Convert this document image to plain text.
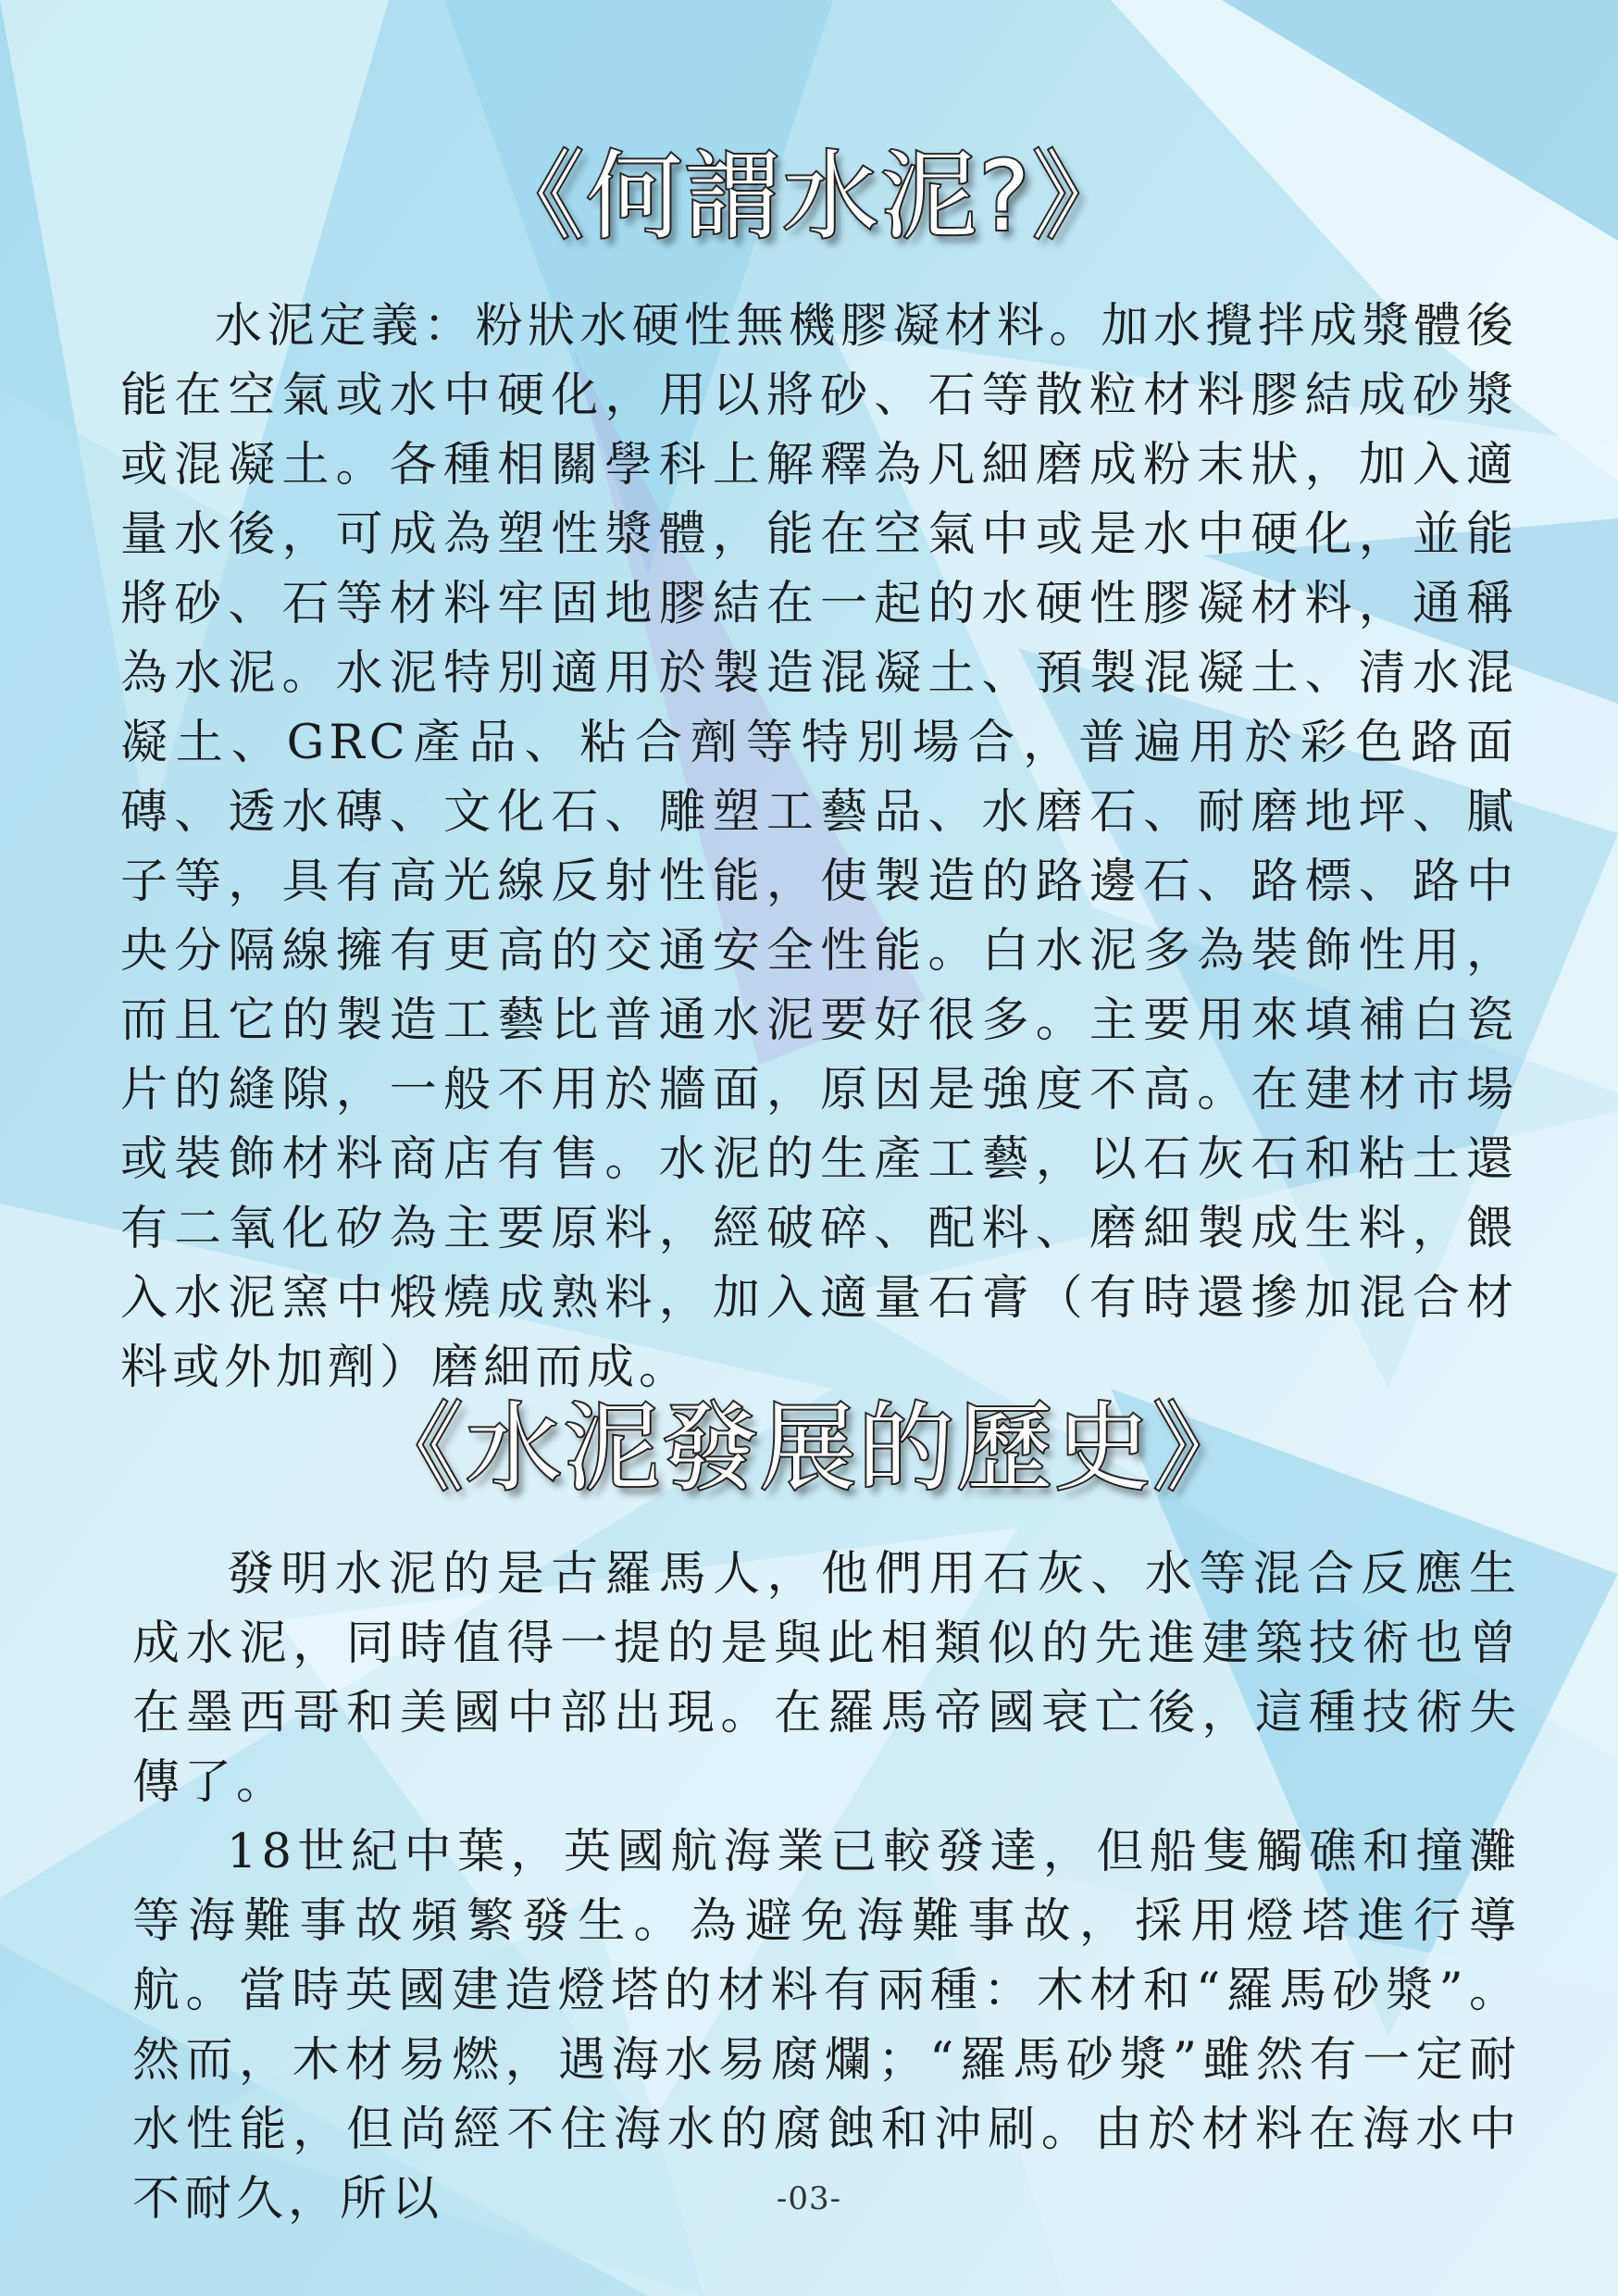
《何謂水泥?》

水泥定義：粉狀水硬性無機膠凝材料。加水攪拌成漿體後能在空氣或水中硬化，用以將砂、石等散粒材料膠結成砂漿或混凝土。各種相關學科上解釋為凡細磨成粉末狀，加入適量水後，可成為塑性漿體，能在空氣中或是水中硬化，並能將砂、石等材料牢固地膠結在一起的水硬性膠凝材料，通稱為水泥。水泥特別適用於製造混凝土、預製混凝土、清水混凝土、GRC產品、粘合劑等特別場合，普遍用於彩色路面磚、透水磚、文化石、雕塑工藝品、水磨石、耐磨地坪、膩子等，具有高光線反射性能，使製造的路邊石、路標、路中央分隔線擁有更高的交通安全性能。白水泥多為裝飾性用，而且它的製造工藝比普通水泥要好很多。主要用來填補白瓷片的縫隙，一般不用於牆面，原因是強度不高。在建材市場或裝飾材料商店有售。水泥的生產工藝，以石灰石和粘土還有二氧化矽為主要原料，經破碎、配料、磨細製成生料，餵入水泥窯中煅燒成熟料，加入適量石膏（有時還摻加混合材料或外加劑）磨細而成。

《水泥發展的歷史》

發明水泥的是古羅馬人，他們用石灰、水等混合反應生成水泥，同時值得一提的是與此相類似的先進建築技術也曾在墨西哥和美國中部出現。在羅馬帝國衰亡後，這種技術失傳了。

18世紀中葉，英國航海業已較發達，但船隻觸礁和撞灘等海難事故頻繁發生。為避免海難事故，採用燈塔進行導航。當時英國建造燈塔的材料有兩種：木材和“羅馬砂漿”。然而，木材易燃，遇海水易腐爛；“羅馬砂漿”雖然有一定耐水性能，但尚經不住海水的腐蝕和沖刷。由於材料在海水中不耐久，所以	-03-
